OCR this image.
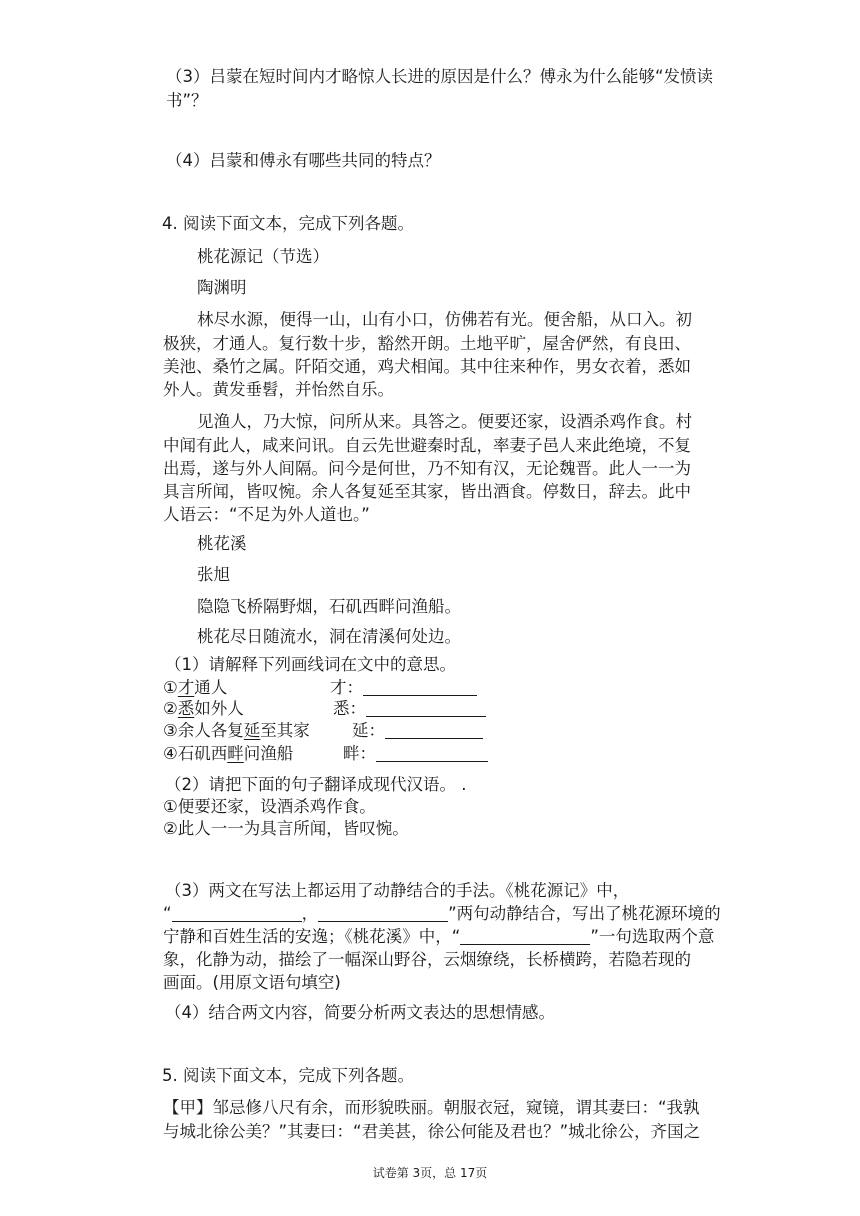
（3）吕蒙在短时间内才略惊人长进的原因是什么？傅永为什么能够“发愤读
书”？
（4）吕蒙和傅永有哪些共同的特点？
4. 阅读下面文本，完成下列各题。
桃花源记（节选）
陶渊明
林尽水源，便得一山，山有小口，仿佛若有光。便舍船，从口入。初
极狭，才通人。复行数十步，豁然开朗。土地平旷，屋舍俨然，有良田、
美池、桑竹之属。阡陌交通，鸡犬相闻。其中往来种作，男女衣着，悉如
外人。黄发垂髫，并怡然自乐。
见渔人，乃大惊，问所从来。具答之。便要还家，设酒杀鸡作食。村
中闻有此人，咸来问讯。自云先世避秦时乱，率妻子邑人来此绝境，不复
出焉，遂与外人间隔。问今是何世，乃不知有汉，无论魏晋。此人一一为
具言所闻，皆叹惋。余人各复延至其家，皆出酒食。停数日，辞去。此中
人语云：“不足为外人道也。”
桃花溪
张旭
隐隐飞桥隔野烟，石矶西畔问渔船。
桃花尽日随流水，洞在清溪何处边。
（1）请解释下列画线词在文中的意思。
①才通人	才：
②悉如外人	悉：
③余人各复延至其家	延：
④石矶西畔问渔船	畔：
（2）请把下面的句子翻译成现代汉语。 .
①便要还家，设酒杀鸡作食。
②此人一一为具言所闻，皆叹惋。
（3）两文在写法上都运用了动静结合的手法。《桃花源记》中，
“	，	”两句动静结合，写出了桃花源环境的
宁静和百姓生活的安逸；《桃花溪》中，“	”一句选取两个意
象，化静为动，描绘了一幅深山野谷，云烟缭绕，长桥横跨，若隐若现的
画面。(用原文语句填空)
（4）结合两文内容，简要分析两文表达的思想情感。
5. 阅读下面文本，完成下列各题。
【甲】邹忌修八尺有余，而形貌昳丽。朝服衣冠，窥镜，谓其妻曰：“我孰
与城北徐公美？”其妻曰：“君美甚，徐公何能及君也？”城北徐公，齐国之
试卷第 3页，总 17页
